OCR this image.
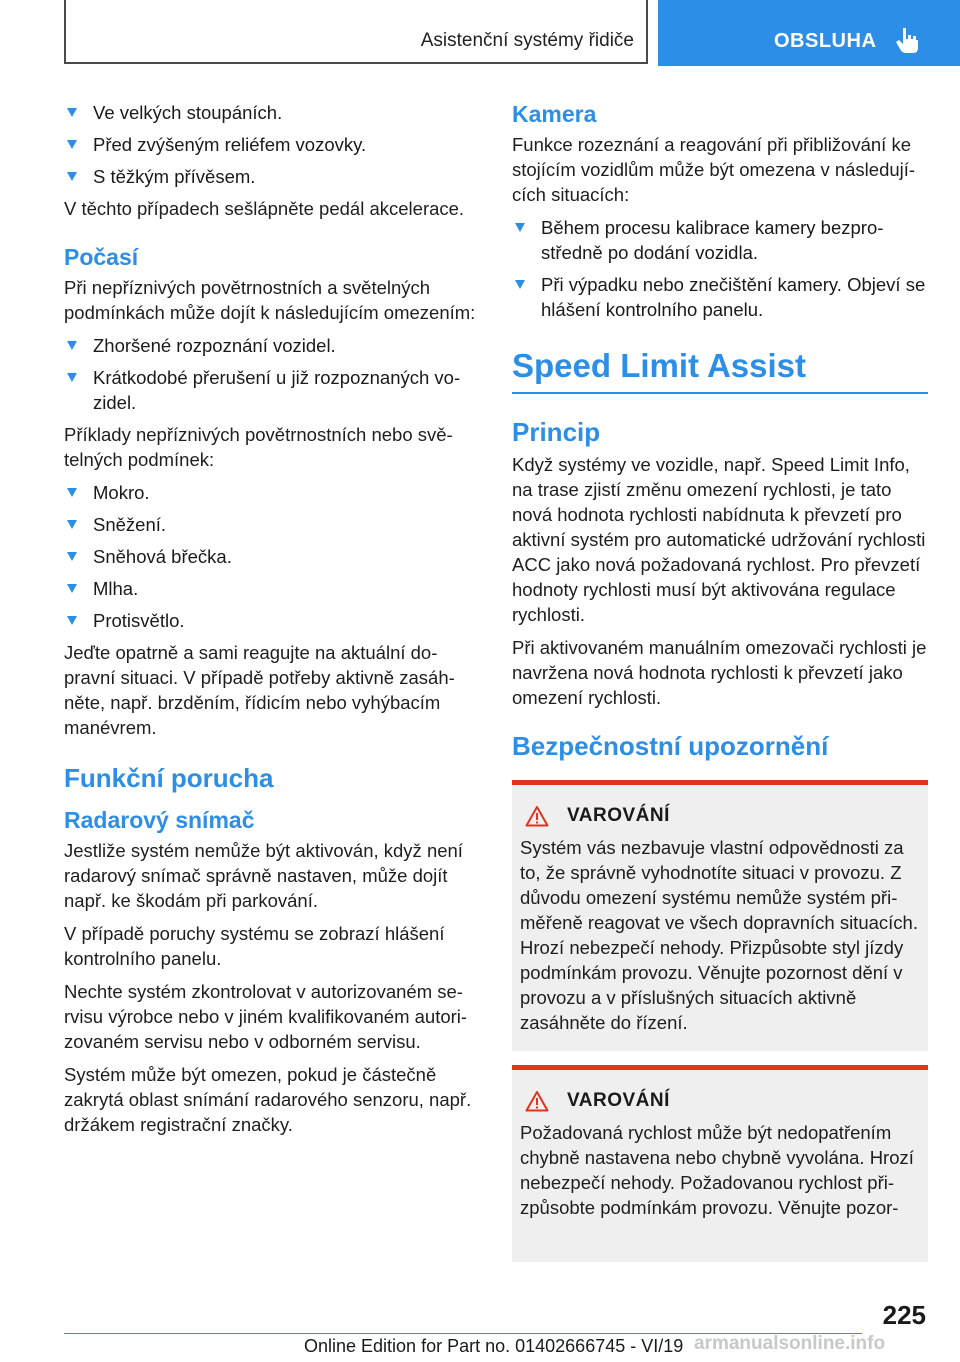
Asistenční systémy řidiče	OBSLUHA
Ve velkých stoupáních.
Před zvýšeným reliéfem vozovky.
S těžkým přívěsem.

V těchto případech sešlápněte pedál akcelerace.

Počasí

Při nepříznivých povětrnostních a světelných podmínkách může dojít k následujícím omezením:

Zhoršené rozpoznání vozidel.
Krátkodobé přerušení u již rozpoznaných vozidel.

Příklady nepříznivých povětrnostních nebo světelných podmínek:

Mokro.
Sněžení.
Sněhová břečka.
Mlha.
Protisvětlo.

Jeďte opatrně a sami reagujte na aktuální dopravní situaci. V případě potřeby aktivně zasáhněte, např. brzděním, řídicím nebo vyhýbacím manévrem.

Funkční porucha
Radarový snímač

Jestliže systém nemůže být aktivován, když není radarový snímač správně nastaven, může dojít např. ke škodám při parkování.

V případě poruchy systému se zobrazí hlášení kontrolního panelu.

Nechte systém zkontrolovat v autorizovaném servisu výrobce nebo v jiném kvalifikovaném autorizovaném servisu nebo v odborném servisu.

Systém může být omezen, pokud je částečně zakrytá oblast snímání radarového senzoru, např. držákem registrační značky.

Kamera

Funkce rozeznání a reagování při přibližování ke stojícím vozidlům může být omezena v následujících situacích:

Během procesu kalibrace kamery bezprostředně po dodání vozidla.
Při výpadku nebo znečištění kamery. Objeví se hlášení kontrolního panelu.
Speed Limit Assist
Princip

Když systémy ve vozidle, např. Speed Limit Info, na trase zjistí změnu omezení rychlosti, je tato nová hodnota rychlosti nabídnuta k převzetí pro aktivní systém pro automatické udržování rychlosti ACC jako nová požadovaná rychlost. Pro převzetí hodnoty rychlosti musí být aktivována regulace rychlosti.

Při aktivovaném manuálním omezovači rychlosti je navržena nová hodnota rychlosti k převzetí jako omezení rychlosti.

Bezpečnostní upozornění
VAROVÁNÍ
Systém vás nezbavuje vlastní odpovědnosti za to, že správně vyhodnotíte situaci v provozu. Z důvodu omezení systému nemůže systém přiměřeně reagovat ve všech dopravních situacích. Hrozí nebezpečí nehody. Přizpůsobte styl jízdy podmínkám provozu. Věnujte pozornost dění v provozu a v příslušných situacích aktivně zasáhněte do řízení.
VAROVÁNÍ
Požadovaná rychlost může být nedopatřením chybně nastavena nebo chybně vyvolána. Hrozí nebezpečí nehody. Požadovanou rychlost přizpůsobte podmínkám provozu. Věnujte pozor-
225
Online Edition for Part no. 01402666745 - VI/19 armanualsonline.info
